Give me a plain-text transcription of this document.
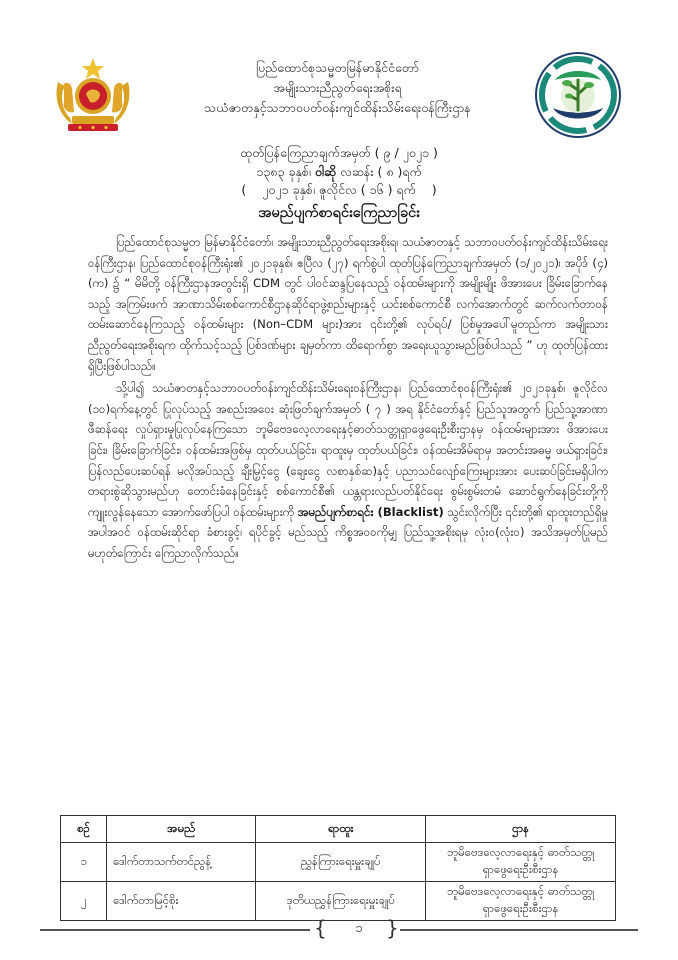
ပြည်ထောင်စုသမ္မတမြန်မာနိုင်ငံတော်
အမျိုးသားညီညွတ်ရေးအစိုးရ
သယံဇာတနှင့်သဘာဝပတ်ဝန်းကျင်ထိန်းသိမ်းရေးဝန်ကြီးဌာန
ထုတ်ပြန်ကြေညာချက်အမှတ် ( ၉ / ၂၀၂၁ )
၁၃၈၃ ခုနှစ်၊ ဝါဆို လဆန်း ( ၈ )ရက်
(    ၂၀၂၁ ခုနှစ်၊ ဇူလိုင်လ ( ၁၆ ) ရက်    )
အမည်ပျက်စာရင်းကြေညာခြင်း

ပြည်ထောင်စုသမ္မတ မြန်မာနိုင်ငံတော်၊ အမျိုးသားညီညွတ်ရေးအစိုးရ၊ သယံဇာတနှင့် သဘာဝပတ်ဝန်းကျင်ထိန်းသိမ်းရေးဝန်ကြီးဌာန၊ ပြည်ထောင်စုဝန်ကြီးရုံး၏ ၂၀၂၁ခုနှစ်၊ ဧပြီလ (၂၇) ရက်စွဲပါ ထုတ်ပြန်ကြေညာချက်အမှတ် (၁/၂၀၂၁)၊ အပိုဒ် (၄) (က) ၌ “ မိမိတို့ ဝန်ကြီးဌာနအတွင်းရှိ CDM တွင် ပါဝင်ဆန္ဒပြနေသည့် ဝန်ထမ်းများကို အမျိုးမျိုး ဖိအားပေး ခြိမ်းခြောက်နေသည့် အကြမ်းဖက် အာဏာသိမ်းစစ်ကောင်စီဌာနဆိုင်ရာဖွဲ့စည်းများနှင့် ယင်းစစ်ကောင်စီ လက်အောက်တွင် ဆက်လက်တာဝန်ထမ်းဆောင်နေကြသည့် ဝန်ထမ်းများ (Non–CDM များ)အား ၎င်းတို့၏ လုပ်ရပ်/ ပြစ်မှုအပေါ်မူတည်ကာ အမျိုးသားညီညွတ်ရေးအစိုးရက ထိုက်သင့်သည့် ပြစ်ဒဏ်များ ချမှတ်ကာ ထိရောက်စွာ အရေးယူသွားမည်ဖြစ်ပါသည် ” ဟု ထုတ်ပြန်ထားရှိပြီးဖြစ်ပါသည်။

သို့ပါ၍ သယံဇာတနှင့်သဘာဝပတ်ဝန်းကျင်ထိန်းသိမ်းရေးဝန်ကြီးဌာန၊ ပြည်ထောင်စုဝန်ကြီးရုံး၏ ၂၀၂၁ခုနှစ်၊ ဇူလိုင်လ (၁၀)ရက်နေ့တွင် ပြုလုပ်သည့် အစည်းအဝေး ဆုံးဖြတ်ချက်အမှတ် ( ၇ ) အရ နိုင်ငံတော်နှင့် ပြည်သူအတွက် ပြည်သူ့အာဏာဖီဆန်ရေး လှုပ်ရှားမှုပြုလုပ်နေကြသော ဘူမိဗေဒလေ့လာရေးနှင့်ဓာတ်သတ္တုရှာဖွေရေးဦးစီးဌာနမှ ဝန်ထမ်းများအား ဖိအားပေးခြင်း၊ ခြိမ်းခြောက်ခြင်း၊ ဝန်ထမ်းအဖြစ်မှ ထုတ်ပယ်ခြင်း၊ ရာထူးမှ ထုတ်ပယ်ခြင်း၊ ဝန်ထမ်းအိမ်ရာမှ အတင်းအဓမ္မ ဖယ်ရှားခြင်း၊ ပြန်လည်ပေးဆပ်ရန် မလိုအပ်သည့် ချီးမြှင့်ငွေ (ချေးငွေ လစာနှစ်ဆ)နှင့် ပညာသင်လျော်ကြေးများအား ပေးဆပ်ခြင်းမရှိပါက တရားစွဲဆိုသွားမည်ဟု တောင်းခံနေခြင်းနှင့် စစ်ကောင်စီ၏ ယန္တရားလည်ပတ်နိုင်ရေး စွမ်းစွမ်းတမံ ဆောင်ရွက်နေခြင်းတို့ကို ကျူးလွန်နေသော အောက်ဖော်ပြပါ ဝန်ထမ်းများကို အမည်ပျက်စာရင်း (Blacklist) သွင်းလိုက်ပြီး ၎င်းတို့၏ ရာထူးတည်ရှိမှု အပါအဝင် ဝန်ထမ်းဆိုင်ရာ ခံစားခွင့်၊ ရပိုင်ခွင့် မည်သည့် ကိစ္စအဝဝကိုမျှ ပြည်သူ့အစိုးရမှ လုံးဝ(လုံးဝ) အသိအမှတ်ပြုမည် မဟုတ်ကြောင်း ကြေညာလိုက်သည်။

စဉ်	အမည်	ရာထူး	ဌာန
၁	ဒေါက်တာသက်တင်ညွန့်	ညွှန်ကြားရေးမှူးချုပ်	ဘူမိဗေဒလေ့လာရေးနှင့် ဓာတ်သတ္တုရှာဖွေရေးဦးစီးဌာန
၂	ဒေါက်တာမြင့်စိုး	ဒုတိယညွှန်ကြားရေးမှူးချုပ်	ဘူမိဗေဒလေ့လာရေးနှင့် ဓာတ်သတ္တုရှာဖွေရေးဦးစီးဌာန
{	၁	}
